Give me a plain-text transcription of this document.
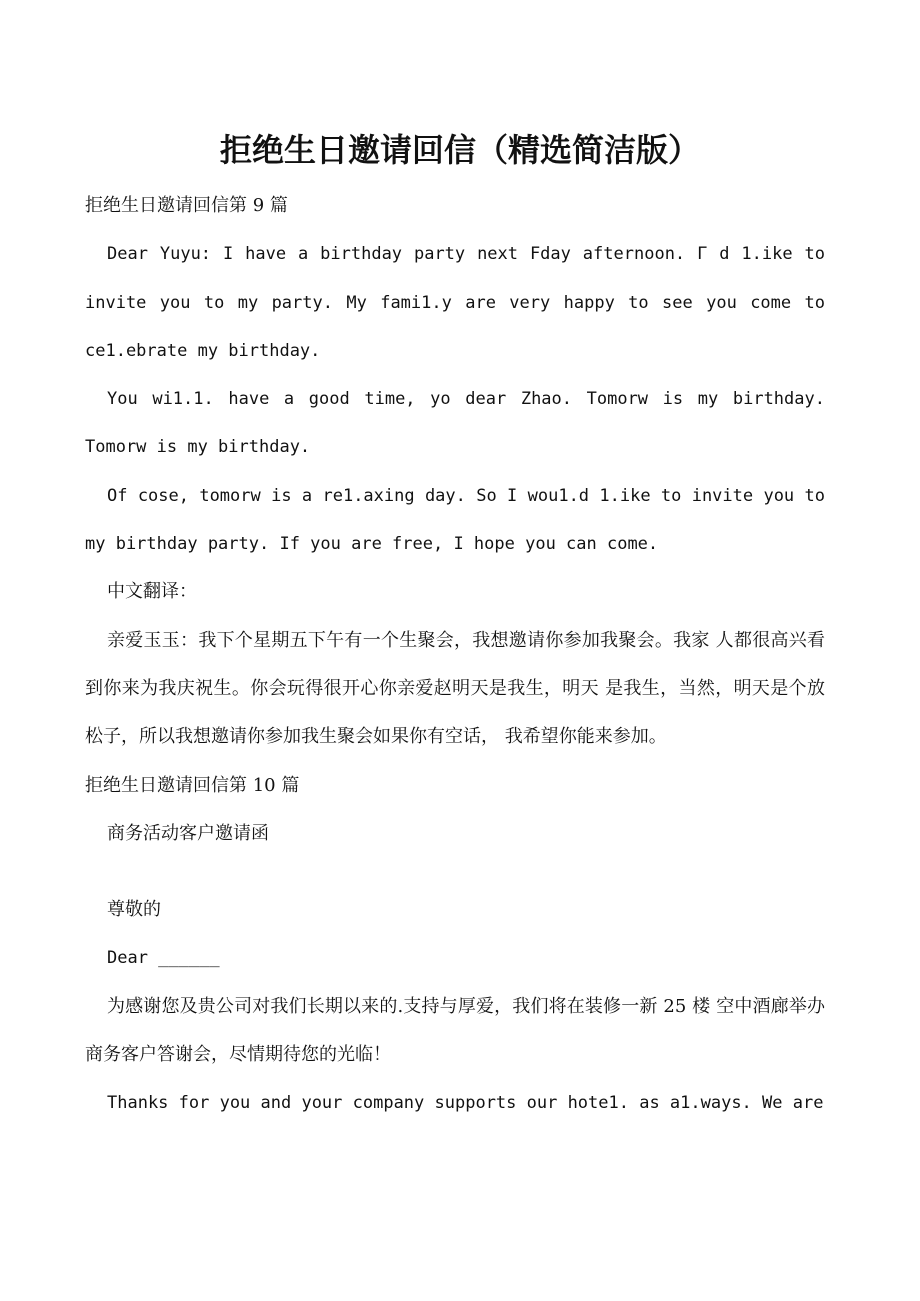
拒绝生日邀请回信（精选简洁版）

拒绝生日邀请回信第 9 篇

Dear Yuyu: I have a birthday party next Fday afternoon. Γ d 1.ike to invite you to my party. My fami1.y are very happy to see you come to ce1.ebrate my birthday.

You wi1.1. have a good time, yo dear Zhao. Tomorw is my birthday. Tomorw is my birthday.

Of cose, tomorw is a re1.axing day. So I wou1.d 1.ike to invite you to my birthday party. If you are free, I hope you can come.

中文翻译：

亲爱玉玉：我下个星期五下午有一个生聚会，我想邀请你参加我聚会。我家 人都很高兴看到你来为我庆祝生。你会玩得很开心你亲爱赵明天是我生，明天 是我生，当然，明天是个放松子，所以我想邀请你参加我生聚会如果你有空话， 我希望你能来参加。

拒绝生日邀请回信第 10 篇

商务活动客户邀请函

尊敬的

Dear ______

为感谢您及贵公司对我们长期以来的.支持与厚爱，我们将在装修一新 25 楼 空中酒廊举办商务客户答谢会，尽情期待您的光临！

Thanks for you and your company supports our hote1. as a1.ways. We are
